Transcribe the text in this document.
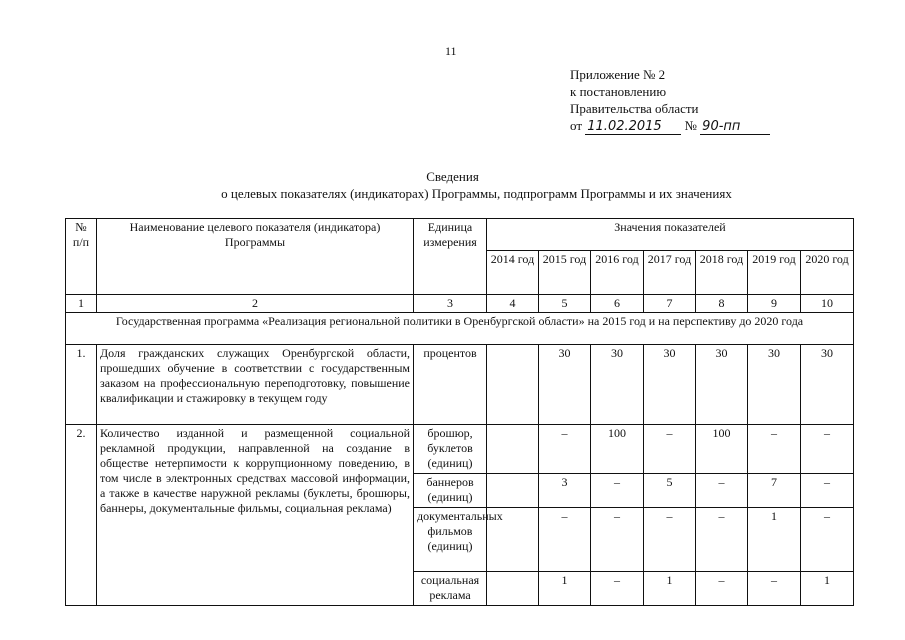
11
Приложение № 2
к постановлению
Правительства области
от 11.02.2015 № 90-пп
Сведения
о целевых показателях (индикаторах) Программы, подпрограмм Программы и их значениях
№ п/п	Наименование целевого показателя (индикатора) Программы	Единица измерения	Значения показателей						
			2014 год	2015 год	2016 год	2017 год	2018 год	2019 год	2020 год
1	2	3	4	5	6	7	8	9	10
Государственная программа «Реализация региональной политики в Оренбургской области» на 2015 год и на перспективу до 2020 года									
1.	Доля гражданских служащих Оренбургской области, прошедших обучение в соответствии с государственным заказом на профессиональную переподготовку, повышение квалификации и стажировку в текущем году	процентов		30	30	30	30	30	30
2.	Количество изданной и размещенной социальной рекламной продукции, направленной на создание в обществе нетерпимости к коррупционному поведению, в том числе в электронных средствах массовой информации, а также в качестве наружной рекламы (буклеты, брошюры, баннеры, документальные фильмы, социальная реклама)	брошюр, буклетов (единиц)		–	100	–	100	–	–
		баннеров (единиц)		3	–	5	–	7	–
		документальных фильмов (единиц)		–	–	–	–	1	–
		социальная реклама		1	–	1	–	–	1
